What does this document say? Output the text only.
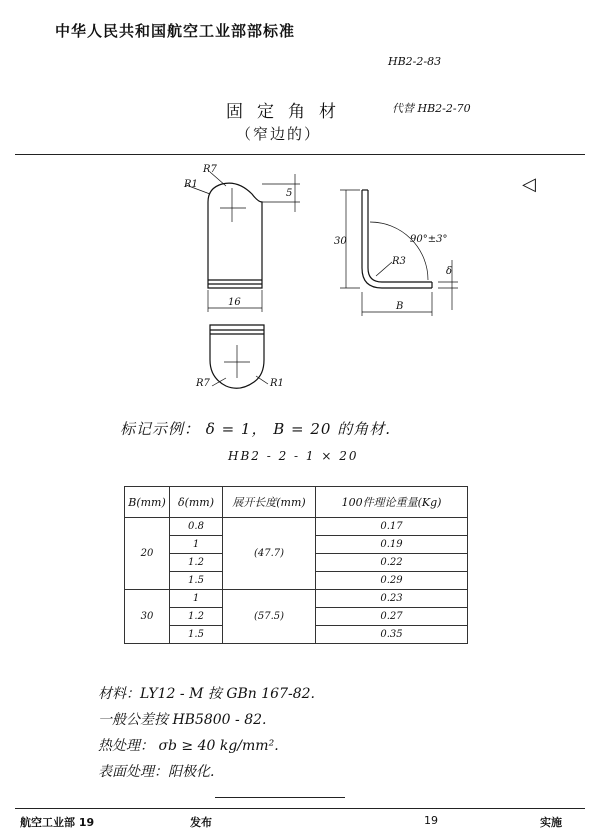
中华人民共和国航空工业部部标准
HB2-2-83
固定角材
（窄边的）
代替 HB2-2-70
R7
R1
5
16
R7	R1
30	90°±3°
R3
δ
B
◁
标记示例： δ = 1， B = 20 的角材.
HB2 - 2 - 1 × 20
B(mm)	δ(mm)	展开长度(mm)	100件理论重量(Kg)
20	0.8	(47.7)	0.17
	1		0.19
	1.2		0.22
	1.5		0.29
30	1	(57.5)	0.23
	1.2		0.27
	1.5		0.35
材料：LY12 - M 按 GBn 167-82.
一般公差按 HB5800 - 82.
热处理： σb ≥ 40 kg/mm².
表面处理：阳极化.
航空工业部 19	发布	19	实施
